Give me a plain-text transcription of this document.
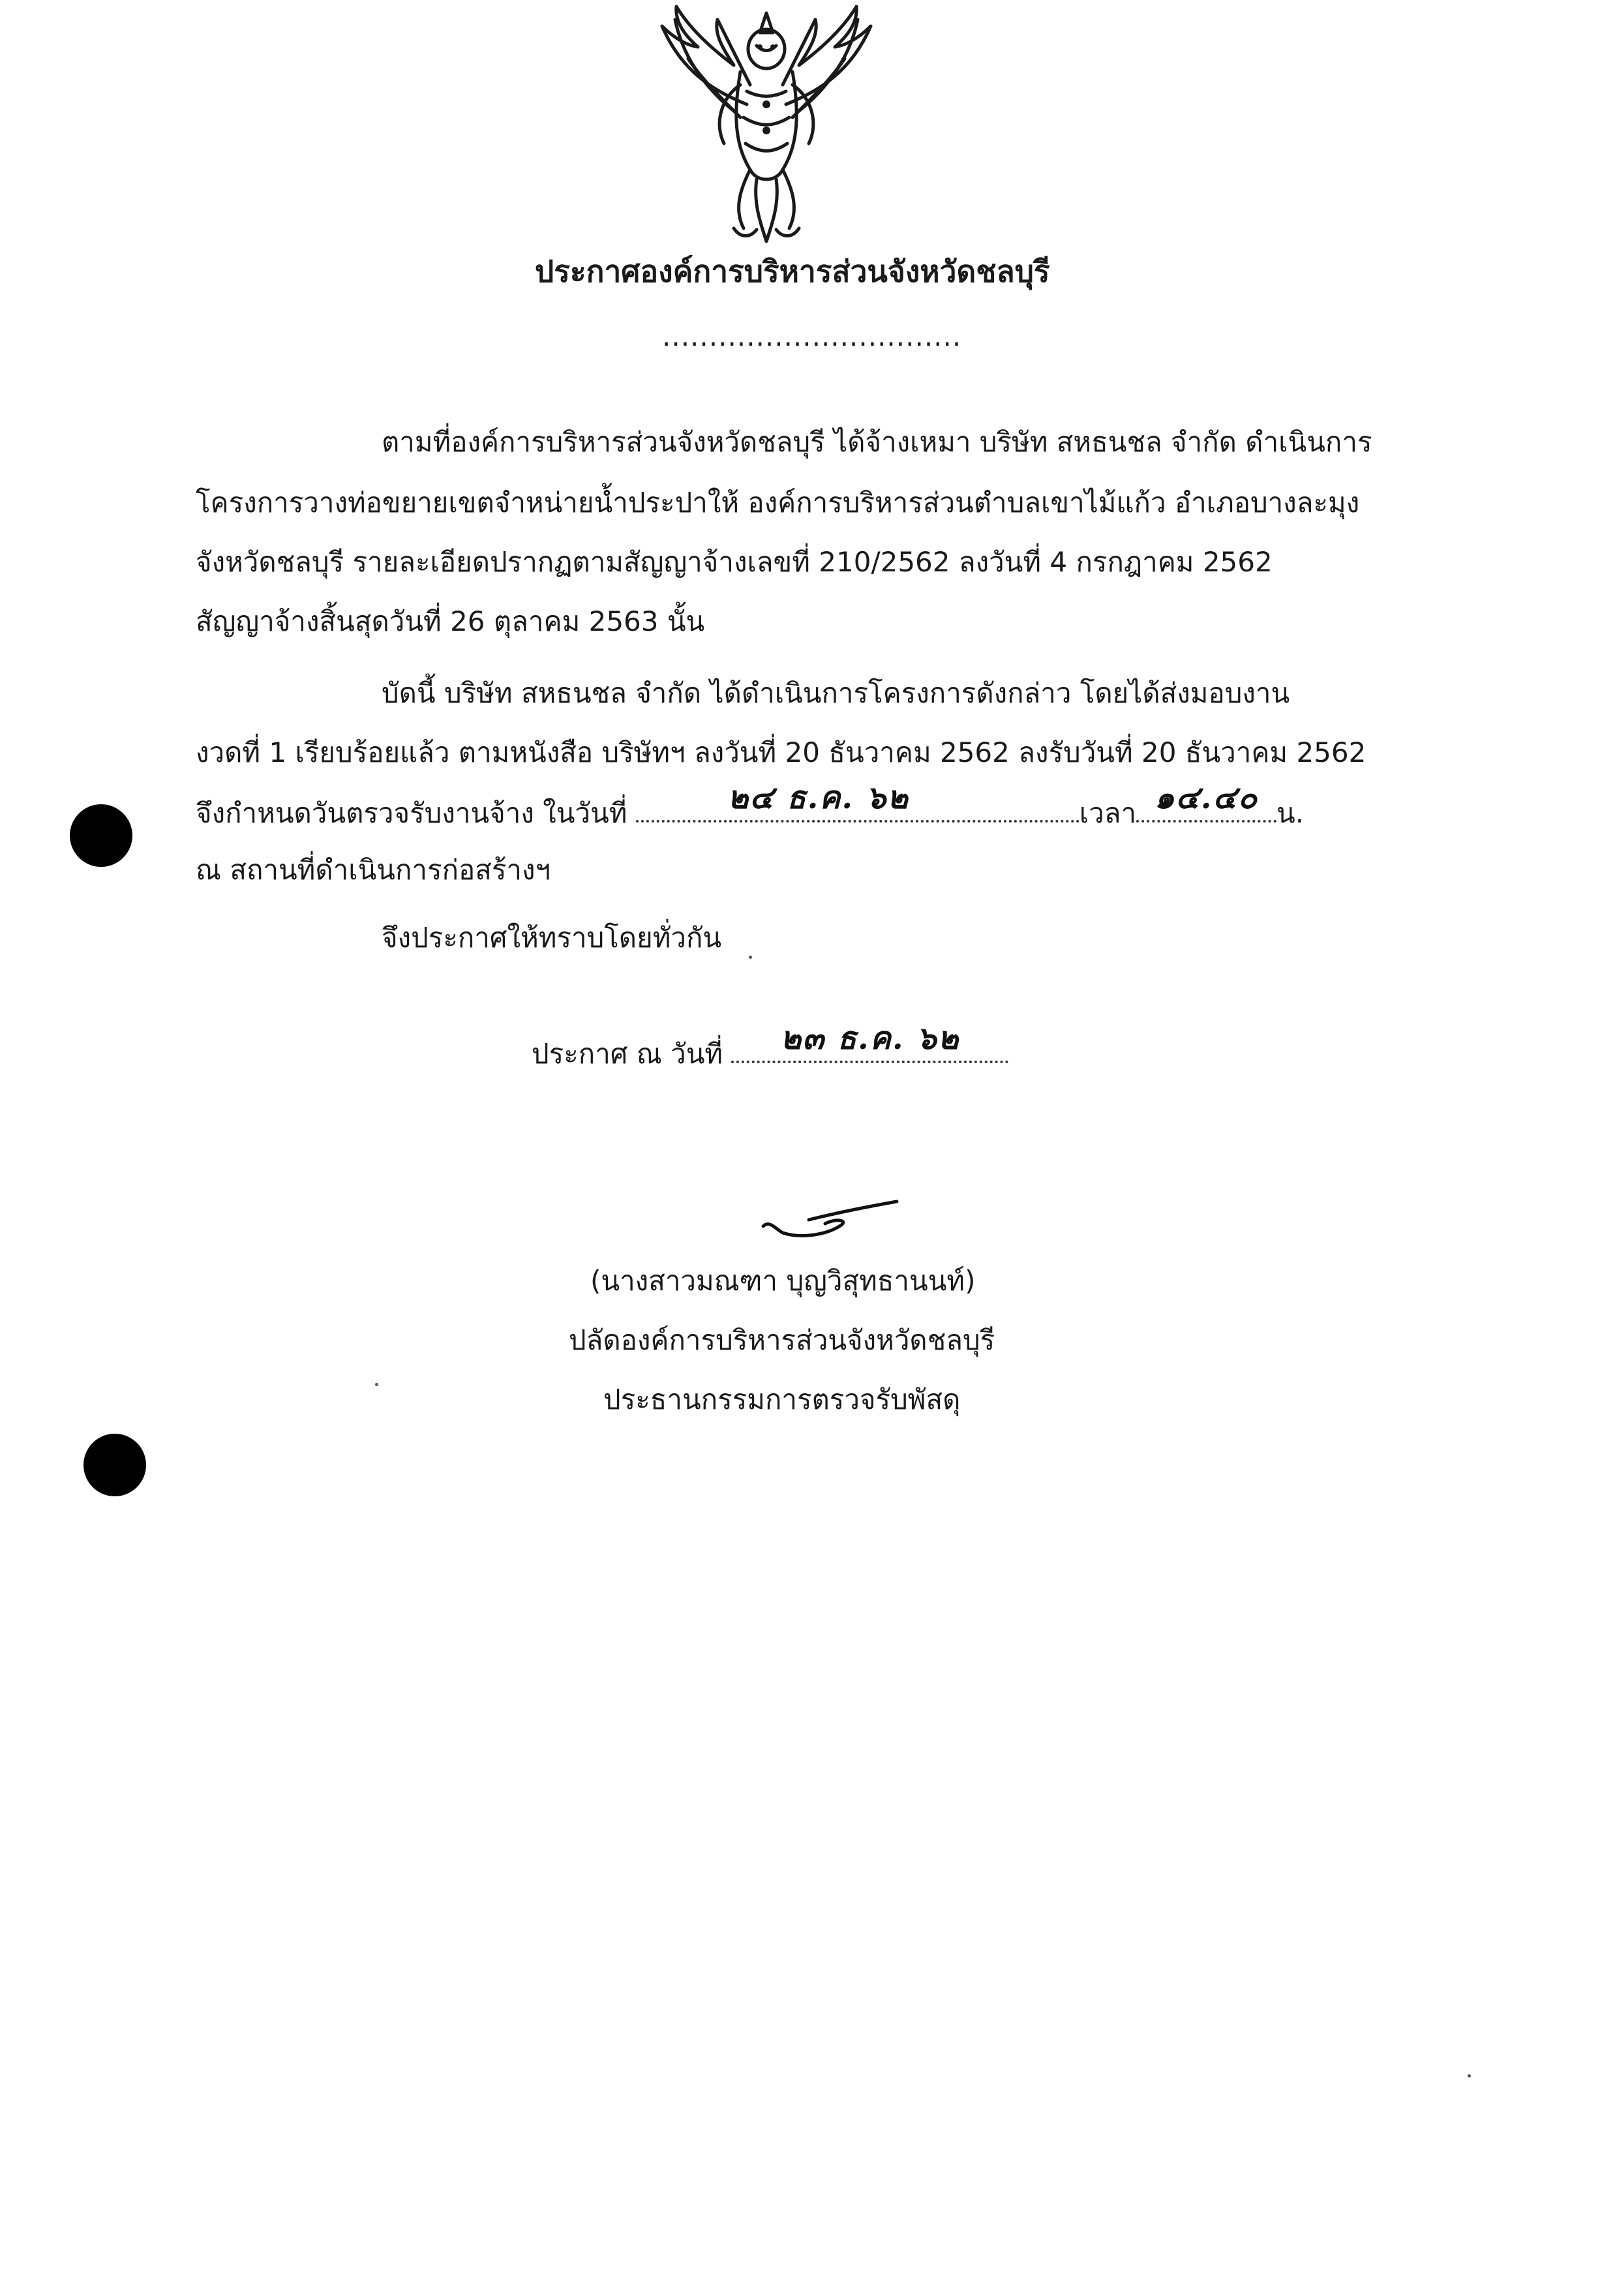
ประกาศองค์การบริหารส่วนจังหวัดชลบุรี
................................
ตามที่องค์การบริหารส่วนจังหวัดชลบุรี ได้จ้างเหมา บริษัท สหธนชล จำกัด ดำเนินการ
โครงการวางท่อขยายเขตจำหน่ายน้ำประปาให้ องค์การบริหารส่วนตำบลเขาไม้แก้ว อำเภอบางละมุง
จังหวัดชลบุรี รายละเอียดปรากฏตามสัญญาจ้างเลขที่ 210/2562 ลงวันที่ 4 กรกฎาคม 2562
สัญญาจ้างสิ้นสุดวันที่ 26 ตุลาคม 2563 นั้น
บัดนี้ บริษัท สหธนชล จำกัด ได้ดำเนินการโครงการดังกล่าว โดยได้ส่งมอบงาน
งวดที่ 1 เรียบร้อยแล้ว ตามหนังสือ บริษัทฯ ลงวันที่ 20 ธันวาคม 2562 ลงรับวันที่ 20 ธันวาคม 2562
จึงกำหนดวันตรวจรับงานจ้าง ในวันที่	๒๔ ธ.ค. ๖๒	เวลา ๑๔.๔๐ น.
ณ สถานที่ดำเนินการก่อสร้างฯ
จึงประกาศให้ทราบโดยทั่วกัน
ประกาศ ณ วันที่	๒๓ ธ.ค. ๖๒
(นางสาวมณฑา บุญวิสุทธานนท์)
ปลัดองค์การบริหารส่วนจังหวัดชลบุรี
ประธานกรรมการตรวจรับพัสดุ
